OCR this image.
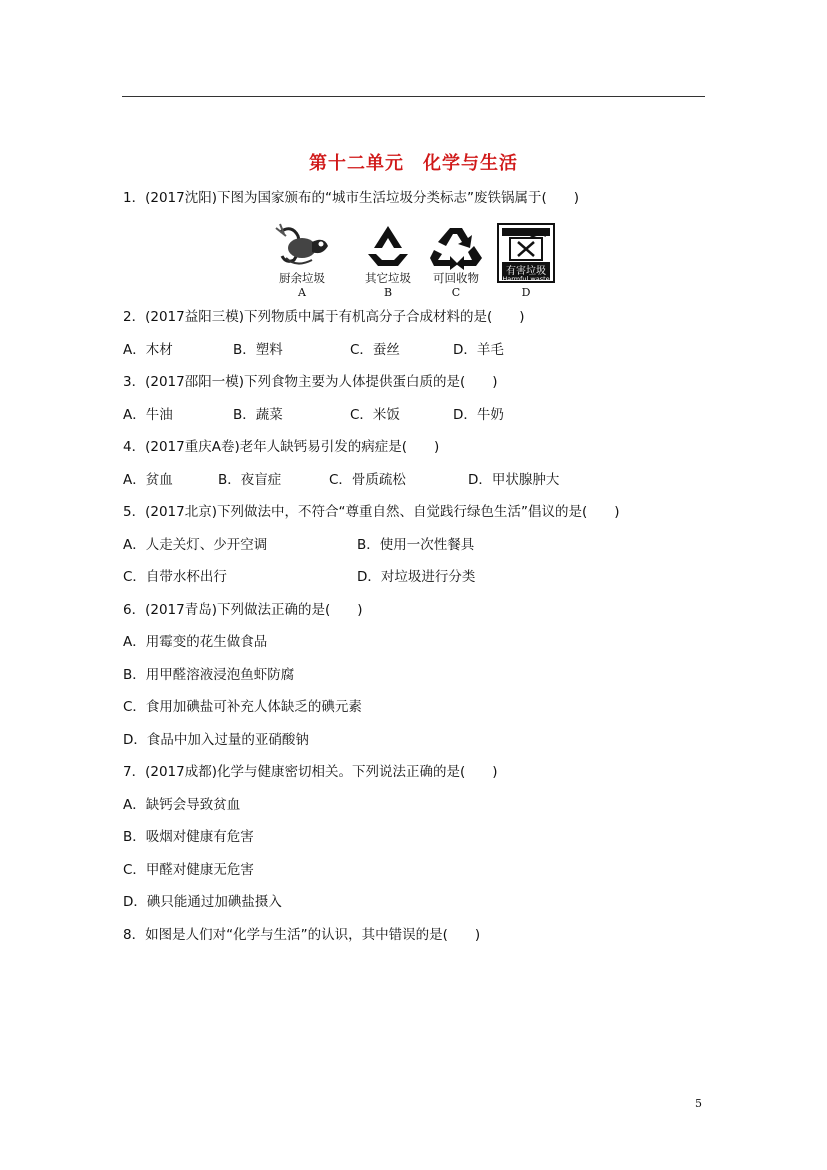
第十二单元　化学与生活
1．(2017沈阳)下图为国家颁布的“城市生活垃圾分类标志”废铁锅属于(　　)
厨余垃圾
A
其它垃圾
B
可回收物
C
有害垃圾
Harmful waste
D
2．(2017益阳三模)下列物质中属于有机高分子合成材料的是(　　)
A．木材	B．塑料	C．蚕丝	D．羊毛
3．(2017邵阳一模)下列食物主要为人体提供蛋白质的是(　　)
A．牛油	B．蔬菜	C．米饭	D．牛奶
4．(2017重庆A卷)老年人缺钙易引发的病症是(　　)
A．贫血	B．夜盲症	C．骨质疏松	D．甲状腺肿大
5．(2017北京)下列做法中，不符合“尊重自然、自觉践行绿色生活”倡议的是(　　)
A．人走关灯、少开空调	B．使用一次性餐具
C．自带水杯出行	D．对垃圾进行分类
6．(2017青岛)下列做法正确的是(　　)
A．用霉变的花生做食品
B．用甲醛溶液浸泡鱼虾防腐
C．食用加碘盐可补充人体缺乏的碘元素
D．食品中加入过量的亚硝酸钠
7．(2017成都)化学与健康密切相关。下列说法正确的是(　　)
A．缺钙会导致贫血
B．吸烟对健康有危害
C．甲醛对健康无危害
D．碘只能通过加碘盐摄入
8．如图是人们对“化学与生活”的认识，其中错误的是(　　)
5
